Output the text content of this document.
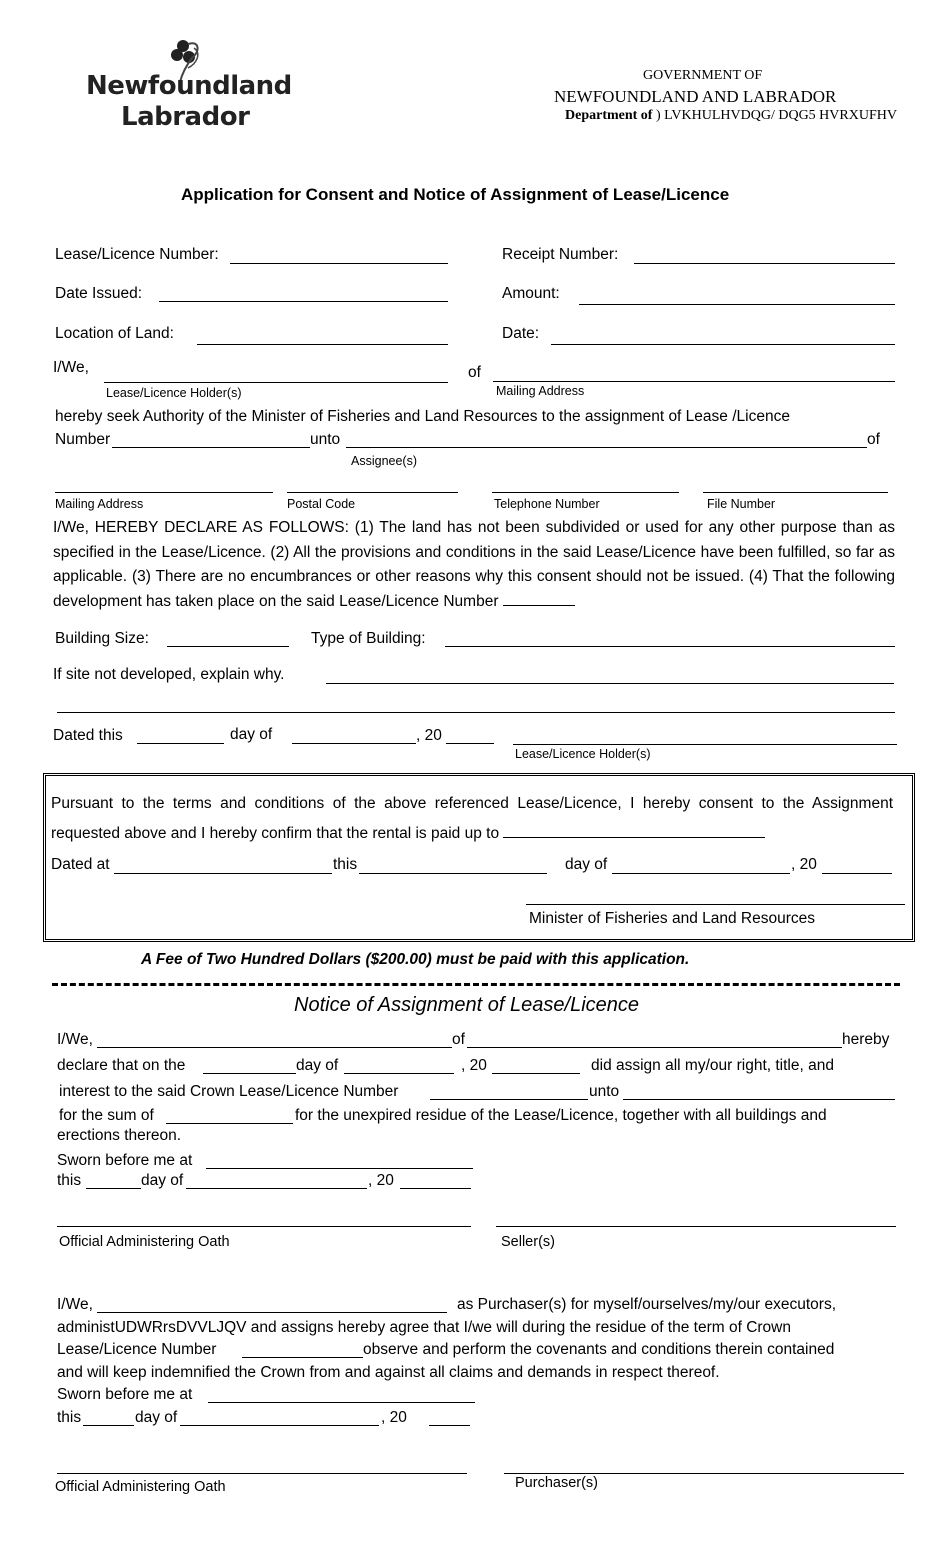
Newfoundland
Labrador
GOVERNMENT OF
NEWFOUNDLAND AND LABRADOR
Department of ) LVKHULHVDQG/ DQG5 HVRXUFHV
Application for Consent and Notice of Assignment of Lease/Licence
Lease/Licence Number:	Receipt Number:
Date Issued:	Amount:
Location of Land:	Date:
I/We,
Lease/Licence Holder(s)
of
Mailing Address
hereby seek Authority of the Minister of Fisheries and Land Resources to the assignment of Lease /Licence
Number	unto	of
Assignee(s)
Mailing Address	Postal Code	Telephone Number	File Number
I/We, HEREBY DECLARE AS FOLLOWS: (1) The land has not been subdivided or used for any other purpose than as specified in the Lease/Licence. (2) All the provisions and conditions in the said Lease/Licence have been fulfilled, so far as applicable. (3) There are no encumbrances or other reasons why this consent should not be issued. (4) That the following development has taken place on the said Lease/Licence Number
Building Size:	Type of Building:
If site not developed, explain why.
Dated this	day of	, 20
Lease/Licence Holder(s)
Pursuant to the terms and conditions of the above referenced Lease/Licence, I hereby consent to the Assignment requested above and I hereby confirm that the rental is paid up to
Dated at	this	day of	, 20
Minister of Fisheries and Land Resources
A Fee of Two Hundred Dollars ($200.00) must be paid with this application.
Notice of Assignment of Lease/Licence
I/We,	of	hereby
declare that on the	day of	, 20	did assign all my/our right, title, and
interest to the said Crown Lease/Licence Number	unto
for the sum of	for the unexpired residue of the Lease/Licence, together with all buildings and
erections thereon.
Sworn before me at
this	day of	, 20
Official Administering Oath	Seller(s)
I/We,	as Purchaser(s) for myself/ourselves/my/our executors,
administUDWRrsDVVLJQV and assigns hereby agree that I/we will during the residue of the term of Crown
Lease/Licence Number	observe and perform the covenants and conditions therein contained
and will keep indemnified the Crown from and against all claims and demands in respect thereof.
Sworn before me at
this	day of	, 20
Official Administering Oath	Purchaser(s)
